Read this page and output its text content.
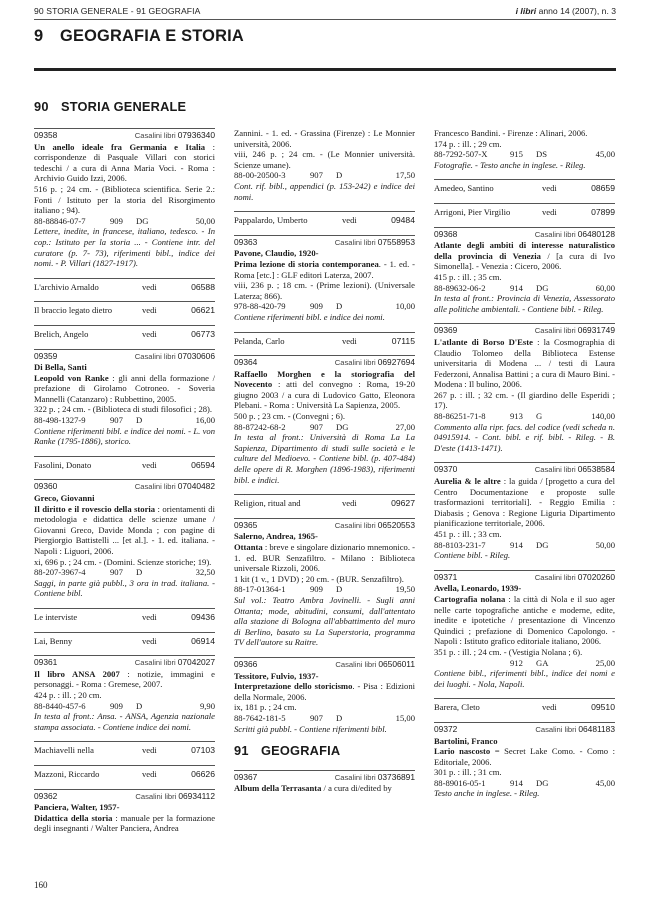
90 STORIA GENERALE - 91 GEOGRAFIA	i libri anno 14 (2007), n. 3
9 GEOGRAFIA E STORIA
90 STORIA GENERALE
09358	Casalini libri 07936340
Un anello ideale fra Germania e Italia : corrispondenze di Pasquale Villari con storici tedeschi / a cura di Anna Maria Voci. - Roma : Archivio Guido Izzi, 2006.
516 p. ; 24 cm. - (Biblioteca scientifica. Serie 2.: Fonti / Istituto per la storia del Risorgimento italiano ; 94).
88-88846-07-7	909	DG	50,00
Lettere, inedite, in francese, italiano, tedesco. - In cop.: Istituto per la storia ... - Contiene intr. del curatore (p. 7- 73), riferimenti bibl., indice dei nomi. - P. Villari (1827-1917).
L'archivio Arnaldo	vedi	06588
Il braccio legato dietro	vedi	06621
Brelich, Angelo	vedi	06773
09359	Casalini libri 07030606
Di Bella, Santi
Leopold von Ranke : gli anni della formazione / prefazione di Girolamo Cotroneo. - Soveria Mannelli (Catanzaro) : Rubbettino, 2005.
322 p. ; 24 cm. - (Biblioteca di studi filosofici ; 28).
88-498-1327-9	907	D	16,00
Contiene riferimenti bibl. e indice dei nomi. - L. von Ranke (1795-1886), storico.
Fasolini, Donato	vedi	06594
09360	Casalini libri 07040482
Greco, Giovanni
Il diritto e il rovescio della storia : orientamenti di metodologia e didattica delle scienze umane / Giovanni Greco, Davide Monda ; con pagine di Piergiorgio Battistelli ... [et al.]. - 1. ed. italiana. - Napoli : Liguori, 2006.
xi, 696 p. ; 24 cm. - (Domini. Scienze storiche; 19).
88-207-3967-4	907	D	32,50
Saggi, in parte già pubbl., 3 ora in trad. italiana. - Contiene bibl.
Le interviste	vedi	09436
Lai, Benny	vedi	06914
09361	Casalini libri 07042027
Il libro ANSA 2007 : notizie, immagini e personaggi. - Roma : Gremese, 2007.
424 p. : ill. ; 20 cm.
88-8440-457-6	909	D	9,90
In testa al front.: Ansa. - ANSA, Agenzia nazionale stampa associata. - Contiene indice dei nomi.
Machiavelli nella	vedi	07103
Mazzoni, Riccardo	vedi	06626
09362	Casalini libri 06934112
Panciera, Walter, 1957-
Didattica della storia : manuale per la formazione degli insegnanti / Walter Panciera, Andrea
Zannini. - 1. ed. - Grassina (Firenze) : Le Monnier università, 2006.
viii, 246 p. ; 24 cm. - (Le Monnier università. Scienze umane).
88-00-20500-3	907	D	17,50
Cont. rif. bibl., appendici (p. 153-242) e indice dei nomi.
Pappalardo, Umberto	vedi	09484
09363	Casalini libri 07558953
Pavone, Claudio, 1920-
Prima lezione di storia contemporanea. - 1. ed. - Roma [etc.] : GLF editori Laterza, 2007.
viii, 236 p. ; 18 cm. - (Prime lezioni). (Universale Laterza; 866).
978-88-420-79	909	D	10,00
Contiene riferimenti bibl. e indice dei nomi.
Pelanda, Carlo	vedi	07115
09364	Casalini libri 06927694
Raffaello Morghen e la storiografia del Novecento : atti del convegno : Roma, 19-20 giugno 2003 / a cura di Ludovico Gatto, Eleonora Plebani. - Roma : Università La Sapienza, 2005.
500 p. ; 23 cm. - (Convegni ; 6).
88-87242-68-2	907	DG	27,00
In testa al front.: Università di Roma La La Sapienza, Dipartimento di studi sulle società e le culture del Medioevo. - Contiene bibl. (p. 407-484) delle opere di R. Morghen (1896-1983), riferimenti bibl. e indici.
Religion, ritual and	vedi	09627
09365	Casalini libri 06520553
Salerno, Andrea, 1965-
Ottanta : breve e singolare dizionario mnemonico. - 1. ed. BUR Senzafiltro. - Milano : Biblioteca universale Rizzoli, 2006.
1 kit (1 v., 1 DVD) ; 20 cm. - (BUR. Senzafiltro).
88-17-01364-1	909	D	19,50
Sul vol.: Teatro Ambra Jovinelli. - Sugli anni Ottanta; mode, abitudini, consumi, dall'attentato alla stazione di Bologna all'abbattimento del muro di Berlino, basato su La Superstoria, programma TV dell'autore su Raitre.
09366	Casalini libri 06506011
Tessitore, Fulvio, 1937-
Interpretazione dello storicismo. - Pisa : Edizioni della Normale, 2006.
ix, 181 p. ; 24 cm.
88-7642-181-5	907	D	15,00
Scritti già pubbl. - Contiene riferimenti bibl.
91 GEOGRAFIA
09367	Casalini libri 03736891
Album della Terrasanta / a cura di/edited by
Francesco Bandini. - Firenze : Alinari, 2006.
174 p. : ill. ; 29 cm.
88-7292-507-X	915	DS	45,00
Fotografie. - Testo anche in inglese. - Rileg.
Amedeo, Santino	vedi	08659
Arrigoni, Pier Virgilio	vedi	07899
09368	Casalini libri 06480128
Atlante degli ambiti di interesse naturalistico della provincia di Venezia / [a cura di Ivo Simonella]. - Venezia : Cicero, 2006.
415 p. : ill. ; 35 cm.
88-89632-06-2	914	DG	60,00
In testa al front.: Provincia di Venezia, Assessorato alle politiche ambientali. - Contiene bibl. - Rileg.
09369	Casalini libri 06931749
L'atlante di Borso D'Este : la Cosmographia di Claudio Tolomeo della Biblioteca Estense universitaria di Modena ... / testi di Laura Federzoni, Annalisa Battini ; a cura di Mauro Bini. - Modena : Il bulino, 2006.
267 p. : ill. ; 32 cm. - (Il giardino delle Esperidi ; 17).
88-86251-71-8	913	G	140,00
Commento alla ripr. facs. del codice (vedi scheda n. 04915914. - Cont. bibl. e rif. bibl. - Rileg. - B. D'este (1413-1471).
09370	Casalini libri 06538584
Aurelia & le altre : la guida / [progetto a cura del Centro Documentazione e proposte sulle trasformazioni territoriali]. - Reggio Emilia : Diabasis ; Genova : Regione Liguria Dipartimento pianificazione territoriale, 2006.
451 p. : ill. ; 33 cm.
88-8103-231-7	914	DG	50,00
Contiene bibl. - Rileg.
09371	Casalini libri 07020260
Avella, Leonardo, 1939-
Cartografia nolana : la città di Nola e il suo ager nelle carte topografiche antiche e moderne, edite, inedite e ipotetiche / presentazione di Vincenzo Quindici ; prefazione di Domenico Capolongo. - Napoli : Istituto grafico editoriale italiano, 2006.
351 p. : ill. ; 24 cm. - (Vestigia Nolana ; 6).
912	GA	25,00
Contiene bibl., riferimenti bibl., indice dei nomi e dei luoghi. - Nola, Napoli.
Barera, Cleto	vedi	09510
09372	Casalini libri 06481183
Bartolini, Franco
Lario nascosto = Secret Lake Como. - Como : Editoriale, 2006.
301 p. : ill. ; 31 cm.
88-89016-05-1	914	DG	45,00
Testo anche in inglese. - Rileg.
160
